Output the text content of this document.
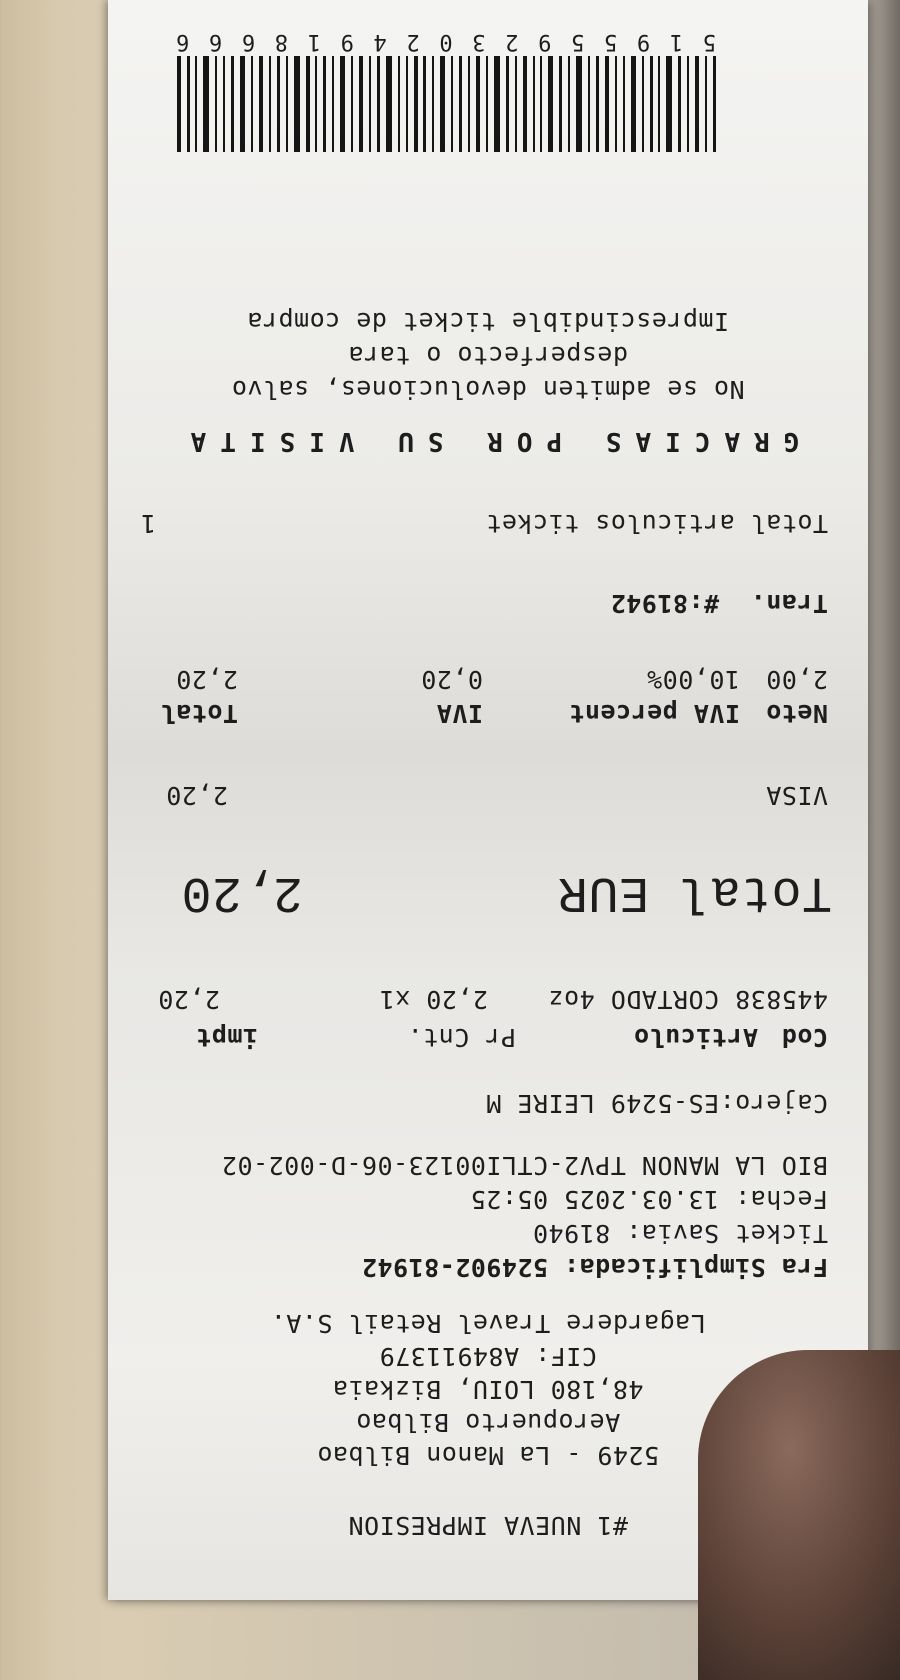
#1 NUEVA IMPRESION
5249 - La Manon Bilbao
Aeropuerto Bilbao
48,180 LOIU, Bizkaia
CIF: A84911379
Lagardere Travel Retail S.A.
Fra Simplificada: 524902-81942
Ticket Savia: 81940
Fecha: 13.03.2025 05:25
BIO LA MANON TPV2-CTLI00123-06-D-002-02
Cajero:ES-5249 LEIRE M
Cod
Articulo
Pr Cnt.
impt
445838 CORTADO 4oz
2,20 x1
2,20
Total EUR
2,20
VISA
2,20
Neto
IVA percent
IVA
Total
2,00
10,00%
0,20
2,20
Tran.  #:81942
Total articulos ticket
1
GRACIAS POR SU VISITA
No se admiten devoluciones, salvo
desperfecto o tara
Imprescindible ticket de compra
5
1
9
5
5
9
2
3
0
2
4
9
1
8
6
6
6
